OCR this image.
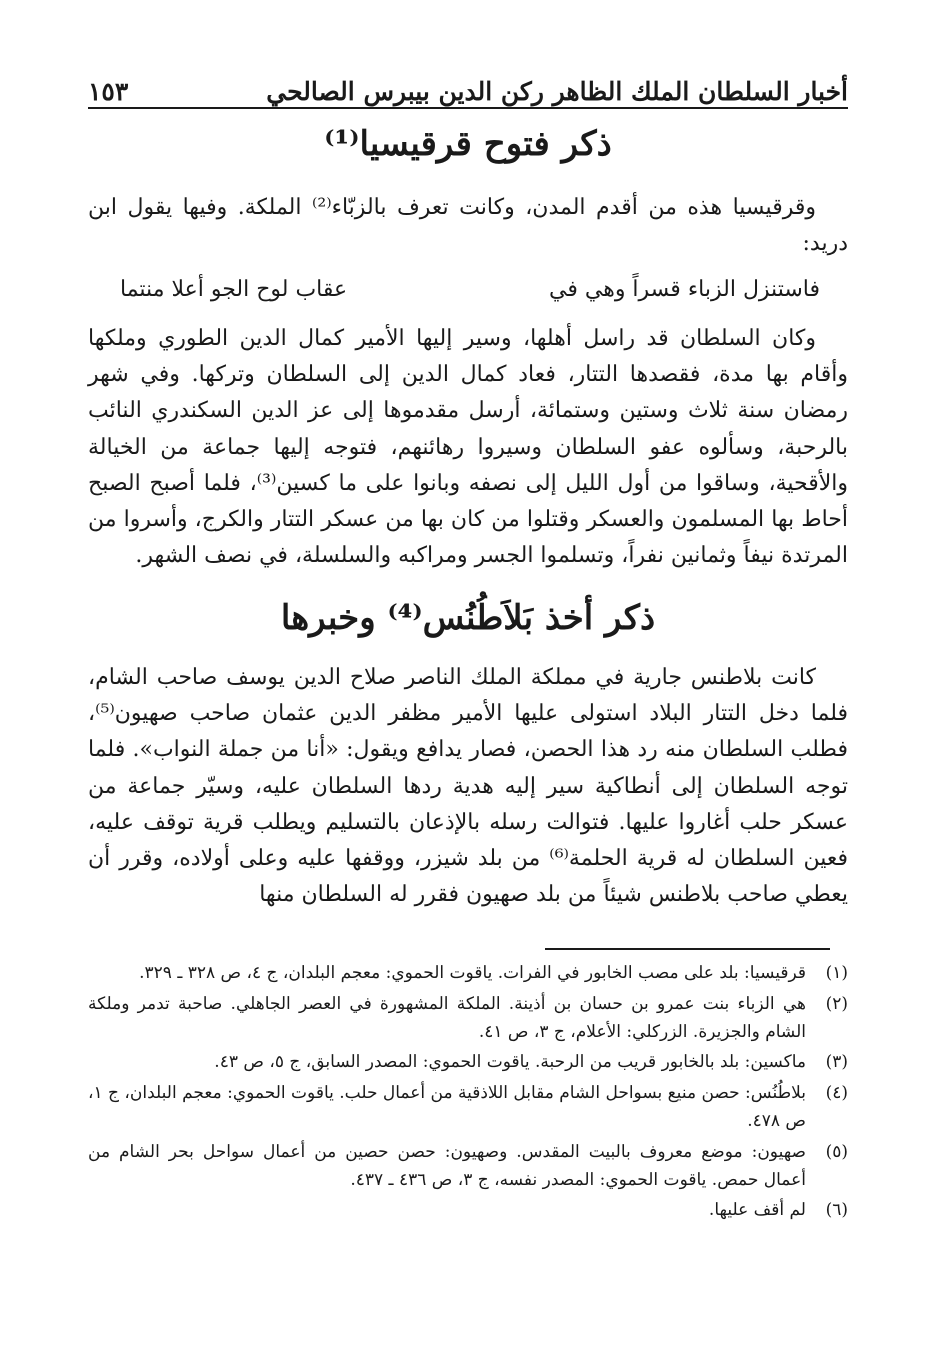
أخبار السلطان الملك الظاهر ركن الدين بيبرس الصالحي
١٥٣
ذكر فتوح قرقيسيا⁽¹⁾

وقرقيسيا هذه من أقدم المدن، وكانت تعرف بالزبّاء⁽²⁾ الملكة. وفيها يقول ابن دريد:

فاستنزل الزباء قسراً وهي في
عقاب لوح الجو أعلا منتما

وكان السلطان قد راسل أهلها، وسير إليها الأمير كمال الدين الطوري وملكها وأقام بها مدة، فقصدها التتار، فعاد كمال الدين إلى السلطان وتركها. وفي شهر رمضان سنة ثلاث وستين وستمائة، أرسل مقدموها إلى عز الدين السكندري النائب بالرحبة، وسألوه عفو السلطان وسيروا رهائنهم، فتوجه إليها جماعة من الخيالة والأقحية، وساقوا من أول الليل إلى نصفه وبانوا على ما كسين⁽³⁾، فلما أصبح الصبح أحاط بها المسلمون والعسكر وقتلوا من كان بها من عسكر التتار والكرج، وأسروا من المرتدة نيفاً وثمانين نفراً، وتسلموا الجسر ومراكبه والسلسلة، في نصف الشهر.

ذكر أخذ بَلاَطُنُس⁽⁴⁾ وخبرها

كانت بلاطنس جارية في مملكة الملك الناصر صلاح الدين يوسف صاحب الشام، فلما دخل التتار البلاد استولى عليها الأمير مظفر الدين عثمان صاحب صهيون⁽⁵⁾، فطلب السلطان منه رد هذا الحصن، فصار يدافع ويقول: «أنا من جملة النواب». فلما توجه السلطان إلى أنطاكية سير إليه هدية ردها السلطان عليه، وسيّر جماعة من عسكر حلب أغاروا عليها. فتوالت رسله بالإذعان بالتسليم ويطلب قرية توقف عليه، فعين السلطان له قرية الحلمة⁽⁶⁾ من بلد شيزر، ووقفها عليه وعلى أولاده، وقرر أن يعطي صاحب بلاطنس شيئاً من بلد صهيون فقرر له السلطان منها

(١)
قرقيسيا: بلد على مصب الخابور في الفرات. ياقوت الحموي: معجم البلدان، ج ٤، ص ٣٢٨ ـ ٣٢٩.
(٢)
هي الزباء بنت عمرو بن حسان بن أذينة. الملكة المشهورة في العصر الجاهلي. صاحبة تدمر وملكة الشام والجزيرة. الزركلي: الأعلام، ج ٣، ص ٤١.
(٣)
ماكسين: بلد بالخابور قريب من الرحبة. ياقوت الحموي: المصدر السابق، ج ٥، ص ٤٣.
(٤)
بلاطُنُس: حصن منيع بسواحل الشام مقابل اللاذقية من أعمال حلب. ياقوت الحموي: معجم البلدان، ج ١، ص ٤٧٨.
(٥)
صهيون: موضع معروف بالبيت المقدس. وصهيون: حصن حصين من أعمال سواحل بحر الشام من أعمال حمص. ياقوت الحموي: المصدر نفسه، ج ٣، ص ٤٣٦ ـ ٤٣٧.
(٦)
لم أقف عليها.
